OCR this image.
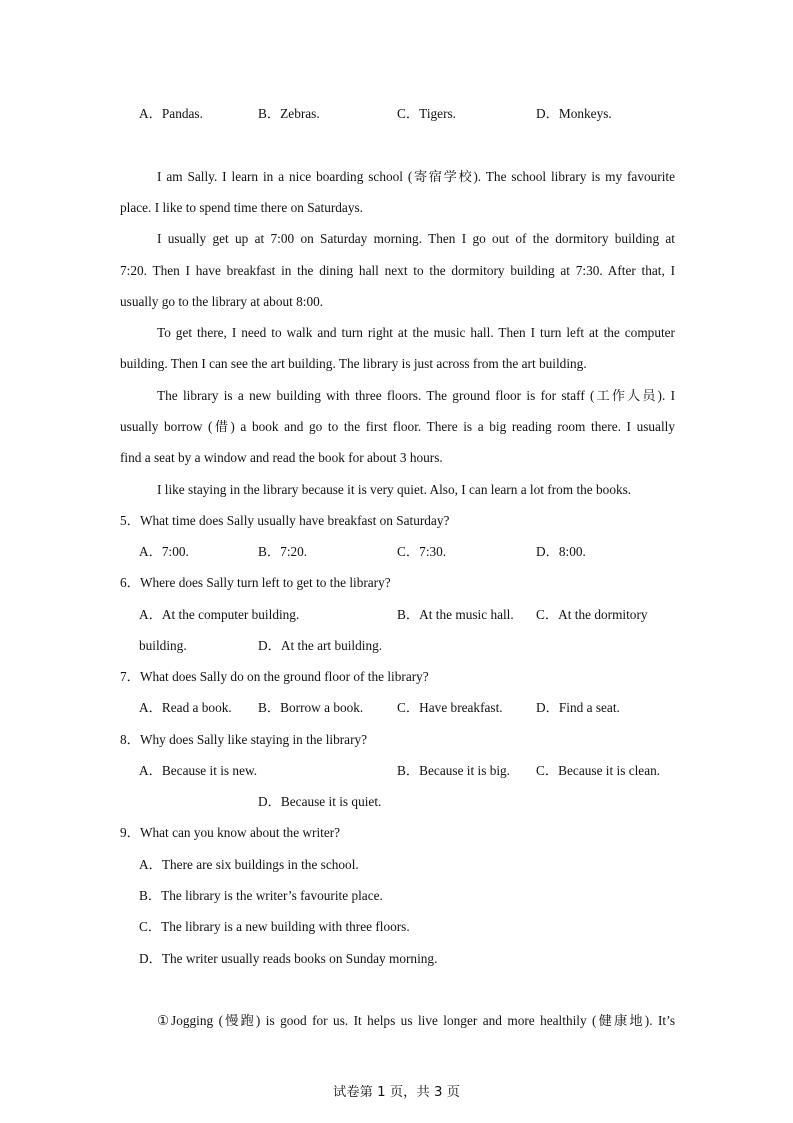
A．Pandas.	B．Zebras.	C．Tigers.	D．Monkeys.
I am Sally. I learn in a nice boarding school (寄宿学校). The school library is my favourite
place. I like to spend time there on Saturdays.
I usually get up at 7:00 on Saturday morning. Then I go out of the dormitory building at
7:20. Then I have breakfast in the dining hall next to the dormitory building at 7:30. After that, I
usually go to the library at about 8:00.
To get there, I need to walk and turn right at the music hall. Then I turn left at the computer
building. Then I can see the art building. The library is just across from the art building.
The library is a new building with three floors. The ground floor is for staff (工作人员). I
usually borrow (借) a book and go to the first floor. There is a big reading room there. I usually
find a seat by a window and read the book for about 3 hours.
I like staying in the library because it is very quiet. Also, I can learn a lot from the books.
5．What time does Sally usually have breakfast on Saturday?
A．7:00.	B．7:20.	C．7:30.	D．8:00.
6．Where does Sally turn left to get to the library?
A．At the computer building.	B．At the music hall. C．At the dormitory
building.	D．At the art building.
7．What does Sally do on the ground floor of the library?
A．Read a book. B．Borrow a book.	C．Have breakfast.	D．Find a seat.
8．Why does Sally like staying in the library?
A．Because it is new.	B．Because it is big. C．Because it is clean.
D．Because it is quiet.
9．What can you know about the writer?
A．There are six buildings in the school.
B．The library is the writer’s favourite place.
C．The library is a new building with three floors.
D．The writer usually reads books on Sunday morning.
①Jogging (慢跑) is good for us. It helps us live longer and more healthily (健康地). It’s
试卷第 1 页，共 3 页
